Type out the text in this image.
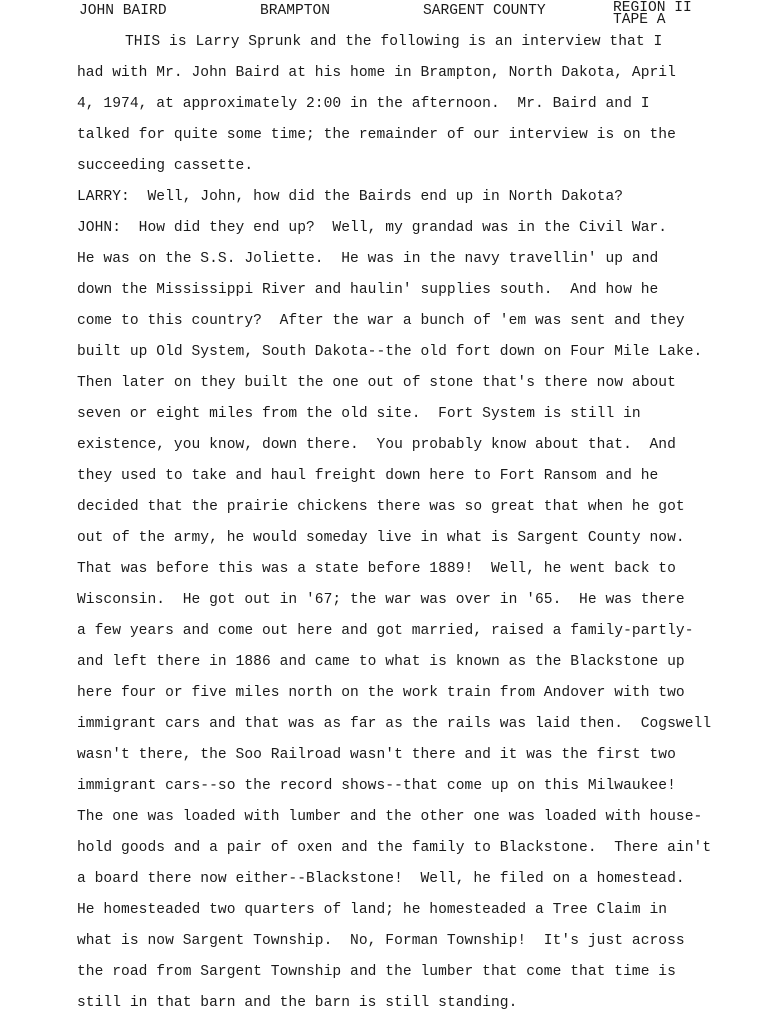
JOHN BAIRD	BRAMPTON	SARGENT COUNTY	REGION II
TAPE A
THIS is Larry Sprunk and the following is an interview that I
had with Mr. John Baird at his home in Brampton, North Dakota, April
4, 1974, at approximately 2:00 in the afternoon.  Mr. Baird and I
talked for quite some time; the remainder of our interview is on the
succeeding cassette.
LARRY:  Well, John, how did the Bairds end up in North Dakota?
JOHN:  How did they end up?  Well, my grandad was in the Civil War.
He was on the S.S. Joliette.  He was in the navy travellin' up and
down the Mississippi River and haulin' supplies south.  And how he
come to this country?  After the war a bunch of 'em was sent and they
built up Old System, South Dakota--the old fort down on Four Mile Lake.
Then later on they built the one out of stone that's there now about
seven or eight miles from the old site.  Fort System is still in
existence, you know, down there.  You probably know about that.  And
they used to take and haul freight down here to Fort Ransom and he
decided that the prairie chickens there was so great that when he got
out of the army, he would someday live in what is Sargent County now.
That was before this was a state before 1889!  Well, he went back to
Wisconsin.  He got out in '67; the war was over in '65.  He was there
a few years and come out here and got married, raised a family-partly-
and left there in 1886 and came to what is known as the Blackstone up
here four or five miles north on the work train from Andover with two
immigrant cars and that was as far as the rails was laid then.  Cogswell
wasn't there, the Soo Railroad wasn't there and it was the first two
immigrant cars--so the record shows--that come up on this Milwaukee!
The one was loaded with lumber and the other one was loaded with house-
hold goods and a pair of oxen and the family to Blackstone.  There ain't
a board there now either--Blackstone!  Well, he filed on a homestead.
He homesteaded two quarters of land; he homesteaded a Tree Claim in
what is now Sargent Township.  No, Forman Township!  It's just across
the road from Sargent Township and the lumber that come that time is
still in that barn and the barn is still standing.
